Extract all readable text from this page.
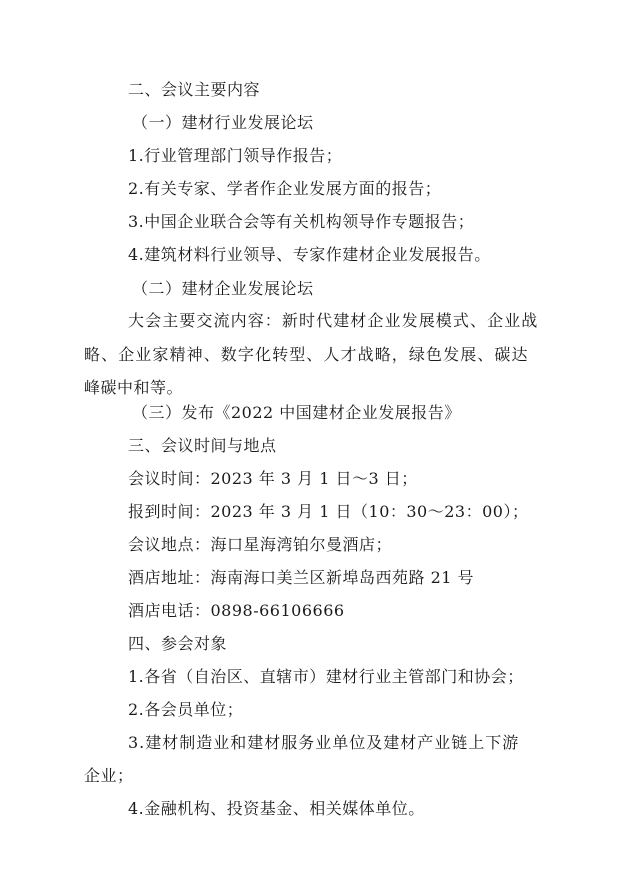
二、会议主要内容
（一）建材行业发展论坛
1.行业管理部门领导作报告；
2.有关专家、学者作企业发展方面的报告；
3.中国企业联合会等有关机构领导作专题报告；
4.建筑材料行业领导、专家作建材企业发展报告。
（二）建材企业发展论坛
大会主要交流内容：新时代建材企业发展模式、企业战
略、企业家精神、数字化转型、人才战略，绿色发展、碳达
峰碳中和等。
（三）发布《2022 中国建材企业发展报告》
三、会议时间与地点
会议时间：2023 年 3 月 1 日～3 日；
报到时间：2023 年 3 月 1 日（10：30～23：00）；
会议地点：海口星海湾铂尔曼酒店；
酒店地址：海南海口美兰区新埠岛西苑路 21 号
酒店电话：0898-66106666
四、参会对象
1.各省（自治区、直辖市）建材行业主管部门和协会；
2.各会员单位；
3.建材制造业和建材服务业单位及建材产业链上下游
企业；
4.金融机构、投资基金、相关媒体单位。
